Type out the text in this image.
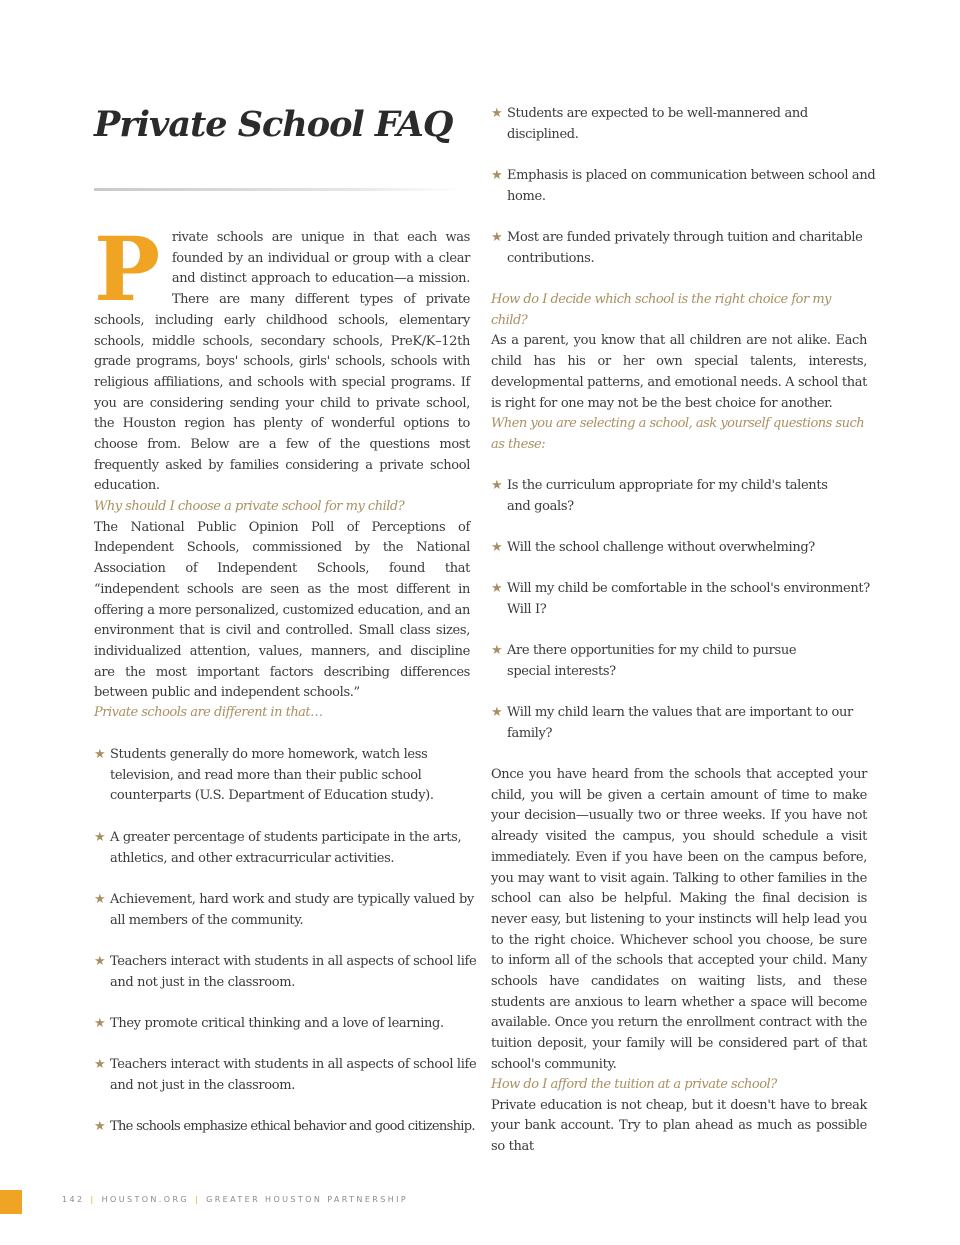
Private School FAQ

Private schools are unique in that each was founded by an individual or group with a clear and distinct approach to education—a mission. There are many different types of private schools, including early childhood schools, elementary schools, middle schools, secondary schools, PreK/K–12th grade programs, boys' schools, girls' schools, schools with religious affiliations, and schools with special programs. If you are considering sending your child to private school, the Houston region has plenty of wonderful options to choose from. Below are a few of the questions most frequently asked by families considering a private school education.

Why should I choose a private school for my child?

The National Public Opinion Poll of Perceptions of Independent Schools, commissioned by the National Association of Independent Schools, found that “independent schools are seen as the most different in offering a more personalized, customized education, and an environment that is civil and controlled. Small class sizes, individualized attention, values, manners, and discipline are the most important factors describing differences between public and independent schools.”

Private schools are different in that…

★ Students generally do more homework, watch less television, and read more than their public school counterparts (U.S. Department of Education study).

★ A greater percentage of students participate in the arts, athletics, and other extracurricular activities.

★ Achievement, hard work and study are typically valued by all members of the community.

★ Teachers interact with students in all aspects of school life and not just in the classroom.

★ They promote critical thinking and a love of learning.

★ Teachers interact with students in all aspects of school life and not just in the classroom.

★ The schools emphasize ethical behavior and good citizenship.

★ Students are expected to be well-mannered and disciplined.

★ Emphasis is placed on communication between school and home.

★ Most are funded privately through tuition and charitable contributions.

How do I decide which school is the right choice for my child?

As a parent, you know that all children are not alike. Each child has his or her own special talents, interests, developmental patterns, and emotional needs. A school that is right for one may not be the best choice for another.

When you are selecting a school, ask yourself questions such as these:

★ Is the curriculum appropriate for my child's talents and goals?

★ Will the school challenge without overwhelming?

★ Will my child be comfortable in the school's environment? Will I?

★ Are there opportunities for my child to pursue special interests?

★ Will my child learn the values that are important to our family?

Once you have heard from the schools that accepted your child, you will be given a certain amount of time to make your decision—usually two or three weeks. If you have not already visited the campus, you should schedule a visit immediately. Even if you have been on the campus before, you may want to visit again. Talking to other families in the school can also be helpful. Making the final decision is never easy, but listening to your instincts will help lead you to the right choice. Whichever school you choose, be sure to inform all of the schools that accepted your child. Many schools have candidates on waiting lists, and these students are anxious to learn whether a space will become available. Once you return the enrollment contract with the tuition deposit, your family will be considered part of that school's community.

How do I afford the tuition at a private school?

Private education is not cheap, but it doesn't have to break your bank account. Try to plan ahead as much as possible so that

142 | HOUSTON.ORG | GREATER HOUSTON PARTNERSHIP
